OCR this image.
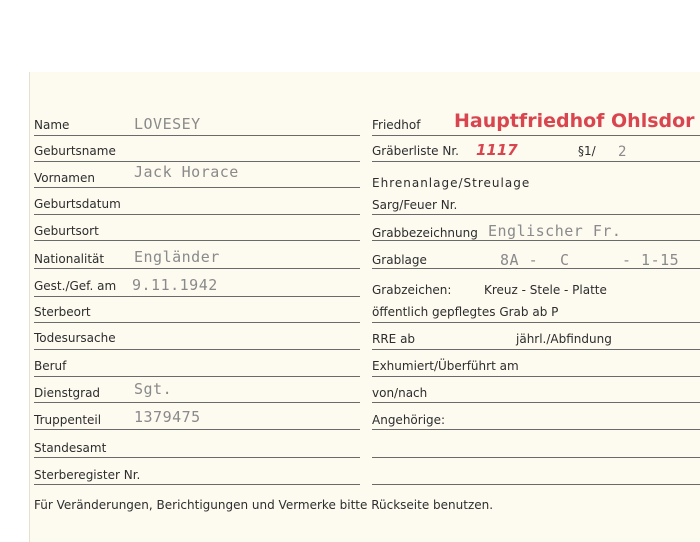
Name	LOVESEY
Geburtsname
Vornamen	Jack Horace
Geburtsdatum
Geburtsort
Nationalität Engländer
Gest./Gef. am 9.11.1942
Sterbeort
Todesursache
Beruf
Dienstgrad Sgt.
Truppenteil 1379475
Standesamt
Sterberegister Nr.
Friedhof Hauptfriedhof Ohlsdor
Gräberliste Nr. 1117	§1/ 2
Ehrenanlage/Streulage
Sarg/Feuer Nr.
Grabbezeichnung Englischer Fr.
Grablage	8A - C	- 1-15
Grabzeichen:	Kreuz - Stele - Platte
öffentlich gepflegtes Grab ab P
RRE ab	jährl./Abfindung
Exhumiert/Überführt am
von/nach
Angehörige:
Für Veränderungen, Berichtigungen und Vermerke bitte Rückseite benutzen.
